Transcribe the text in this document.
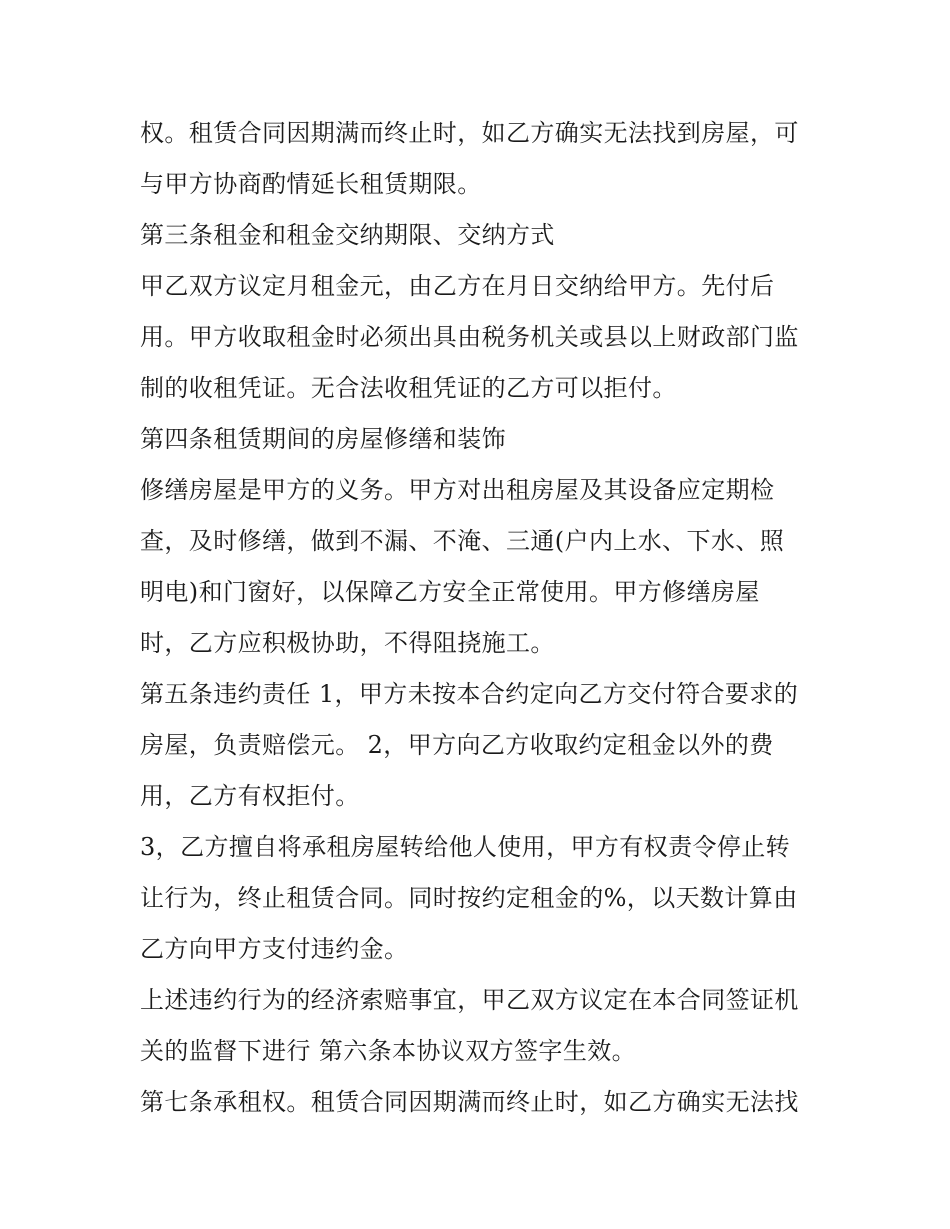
权。租赁合同因期满而终止时，如乙方确实无法找到房屋，可
与甲方协商酌情延长租赁期限。
第三条租金和租金交纳期限、交纳方式
甲乙双方议定月租金元，由乙方在月日交纳给甲方。先付后
用。甲方收取租金时必须出具由税务机关或县以上财政部门监
制的收租凭证。无合法收租凭证的乙方可以拒付。
第四条租赁期间的房屋修缮和装饰
修缮房屋是甲方的义务。甲方对出租房屋及其设备应定期检
查，及时修缮，做到不漏、不淹、三通(户内上水、下水、照
明电)和门窗好，以保障乙方安全正常使用。甲方修缮房屋
时，乙方应积极协助，不得阻挠施工。
第五条违约责任 1，甲方未按本合约定向乙方交付符合要求的
房屋，负责赔偿元。 2，甲方向乙方收取约定租金以外的费
用，乙方有权拒付。
3，乙方擅自将承租房屋转给他人使用，甲方有权责令停止转
让行为，终止租赁合同。同时按约定租金的%，以天数计算由
乙方向甲方支付违约金。
上述违约行为的经济索赔事宜，甲乙双方议定在本合同签证机
关的监督下进行 第六条本协议双方签字生效。
第七条承租权。租赁合同因期满而终止时，如乙方确实无法找
